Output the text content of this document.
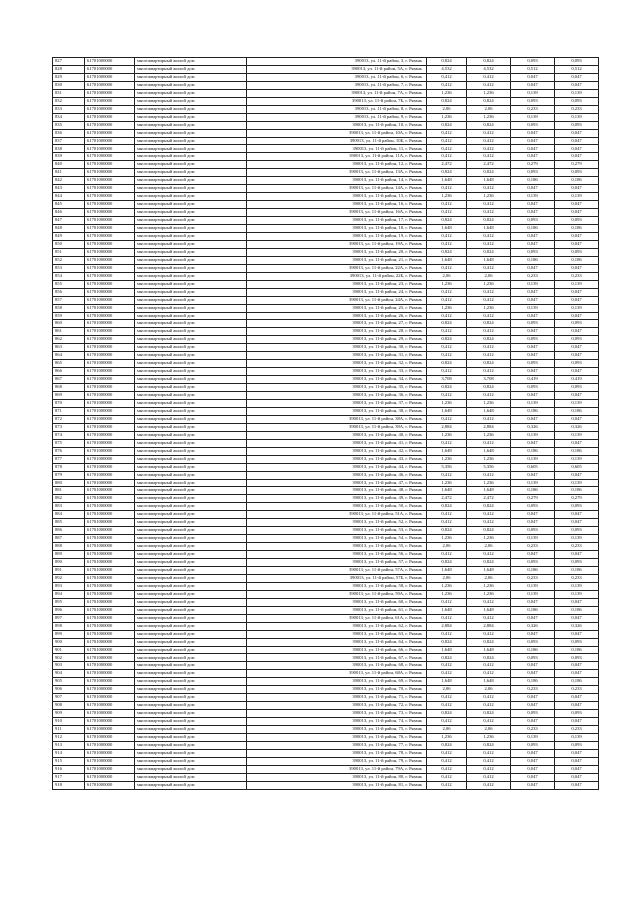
827	61701000000	многоквартирный жилой дом	390013, ул. 11-й район, 3, г. Рязань	0,824	0,824	0,093	0,093
828	61701000000	многоквартирный жилой дом	390013, ул. 11-й район, 5А, г. Рязань	4,532	4,532	0,512	0,512
829	61701000000	многоквартирный жилой дом	390013, ул. 11-й район, 6, г. Рязань	0,412	0,412	0,047	0,047
830	61701000000	многоквартирный жилой дом	390013, ул. 11-й район, 7, г. Рязань	0,412	0,412	0,047	0,047
831	61701000000	многоквартирный жилой дом	390013, ул. 11-й район, 7А, г. Рязань	1,236	1,236	0,139	0,139
832	61701000000	многоквартирный жилой дом	390013, ул. 11-й район, 7Б, г. Рязань	0,824	0,824	0,093	0,093
833	61701000000	многоквартирный жилой дом	390013, ул. 11-й район, 8, г. Рязань	2,06	2,06	0,233	0,233
834	61701000000	многоквартирный жилой дом	390013, ул. 11-й район, 9, г. Рязань	1,236	1,236	0,139	0,139
835	61701000000	многоквартирный жилой дом	390013, ул. 11-й район, 10, г. Рязань	0,824	0,824	0,093	0,093
836	61701000000	многоквартирный жилой дом	390013, ул. 11-й район, 10А, г. Рязань	0,412	0,412	0,047	0,047
837	61701000000	многоквартирный жилой дом	390013, ул. 11-й район, 10Б, г. Рязань	0,412	0,412	0,047	0,047
838	61701000000	многоквартирный жилой дом	390013, ул. 11-й район, 11, г. Рязань	0,412	0,412	0,047	0,047
839	61701000000	многоквартирный жилой дом	390013, ул. 11-й район, 11А, г. Рязань	0,412	0,412	0,047	0,047
840	61701000000	многоквартирный жилой дом	390013, ул. 11-й район, 12, г. Рязань	2,472	2,472	0,279	0,279
841	61701000000	многоквартирный жилой дом	390013, ул. 11-й район, 13А, г. Рязань	0,824	0,824	0,093	0,093
842	61701000000	многоквартирный жилой дом	390013, ул. 11-й район, 14, г. Рязань	1,648	1,648	0,186	0,186
843	61701000000	многоквартирный жилой дом	390013, ул. 11-й район, 14А, г. Рязань	0,412	0,412	0,047	0,047
844	61701000000	многоквартирный жилой дом	390013, ул. 11-й район, 15, г. Рязань	1,236	1,236	0,139	0,139
845	61701000000	многоквартирный жилой дом	390013, ул. 11-й район, 16, г. Рязань	0,412	0,412	0,047	0,047
846	61701000000	многоквартирный жилой дом	390013, ул. 11-й район, 16А, г. Рязань	0,412	0,412	0,047	0,047
847	61701000000	многоквартирный жилой дом	390013, ул. 11-й район, 17, г. Рязань	0,824	0,824	0,093	0,093
848	61701000000	многоквартирный жилой дом	390013, ул. 11-й район, 18, г. Рязань	1,648	1,648	0,186	0,186
849	61701000000	многоквартирный жилой дом	390013, ул. 11-й район, 19, г. Рязань	0,412	0,412	0,047	0,047
850	61701000000	многоквартирный жилой дом	390013, ул. 11-й район, 19А, г. Рязань	0,412	0,412	0,047	0,047
851	61701000000	многоквартирный жилой дом	390013, ул. 11-й район, 20, г. Рязань	0,824	0,824	0,093	0,093
852	61701000000	многоквартирный жилой дом	390013, ул. 11-й район, 21, г. Рязань	1,648	1,648	0,186	0,186
853	61701000000	многоквартирный жилой дом	390013, ул. 11-й район, 22А, г. Рязань	0,412	0,412	0,047	0,047
854	61701000000	многоквартирный жилой дом	390013, ул. 11-й район, 22Б, г. Рязань	2,06	2,06	0,233	0,233
855	61701000000	многоквартирный жилой дом	390013, ул. 11-й район, 23, г. Рязань	1,236	1,236	0,139	0,139
856	61701000000	многоквартирный жилой дом	390013, ул. 11-й район, 24, г. Рязань	0,412	0,412	0,047	0,047
857	61701000000	многоквартирный жилой дом	390013, ул. 11-й район, 24А, г. Рязань	0,412	0,412	0,047	0,047
858	61701000000	многоквартирный жилой дом	390013, ул. 11-й район, 25, г. Рязань	1,236	1,236	0,139	0,139
859	61701000000	многоквартирный жилой дом	390013, ул. 11-й район, 26, г. Рязань	0,412	0,412	0,047	0,047
860	61701000000	многоквартирный жилой дом	390013, ул. 11-й район, 27, г. Рязань	0,824	0,824	0,093	0,093
861	61701000000	многоквартирный жилой дом	390013, ул. 11-й район, 28, г. Рязань	0,412	0,412	0,047	0,047
862	61701000000	многоквартирный жилой дом	390013, ул. 11-й район, 29, г. Рязань	0,824	0,824	0,093	0,093
863	61701000000	многоквартирный жилой дом	390013, ул. 11-й район, 30, г. Рязань	0,412	0,412	0,047	0,047
864	61701000000	многоквартирный жилой дом	390013, ул. 11-й район, 31, г. Рязань	0,412	0,412	0,047	0,047
865	61701000000	многоквартирный жилой дом	390013, ул. 11-й район, 32, г. Рязань	0,824	0,824	0,093	0,093
866	61701000000	многоквартирный жилой дом	390013, ул. 11-й район, 33, г. Рязань	0,412	0,412	0,047	0,047
867	61701000000	многоквартирный жилой дом	390013, ул. 11-й район, 34, г. Рязань	3,708	3,708	0,419	0,419
868	61701000000	многоквартирный жилой дом	390013, ул. 11-й район, 35, г. Рязань	0,824	0,824	0,093	0,093
869	61701000000	многоквартирный жилой дом	390013, ул. 11-й район, 36, г. Рязань	0,412	0,412	0,047	0,047
870	61701000000	многоквартирный жилой дом	390013, ул. 11-й район, 37, г. Рязань	1,236	1,236	0,139	0,139
871	61701000000	многоквартирный жилой дом	390013, ул. 11-й район, 38, г. Рязань	1,648	1,648	0,186	0,186
872	61701000000	многоквартирный жилой дом	390013, ул. 11-й район, 38А, г. Рязань	0,412	0,412	0,047	0,047
873	61701000000	многоквартирный жилой дом	390013, ул. 11-й район, 39А, г. Рязань	2,884	2,884	0,326	0,326
874	61701000000	многоквартирный жилой дом	390013, ул. 11-й район, 40, г. Рязань	1,236	1,236	0,139	0,139
875	61701000000	многоквартирный жилой дом	390013, ул. 11-й район, 41, г. Рязань	0,412	0,412	0,047	0,047
876	61701000000	многоквартирный жилой дом	390013, ул. 11-й район, 42, г. Рязань	1,648	1,648	0,186	0,186
877	61701000000	многоквартирный жилой дом	390013, ул. 11-й район, 43, г. Рязань	1,236	1,236	0,139	0,139
878	61701000000	многоквартирный жилой дом	390013, ул. 11-й район, 44, г. Рязань	5,356	5,356	0,605	0,605
879	61701000000	многоквартирный жилой дом	390013, ул. 11-й район, 46, г. Рязань	0,412	0,412	0,047	0,047
880	61701000000	многоквартирный жилой дом	390013, ул. 11-й район, 47, г. Рязань	1,236	1,236	0,139	0,139
881	61701000000	многоквартирный жилой дом	390013, ул. 11-й район, 48, г. Рязань	1,648	1,648	0,186	0,186
882	61701000000	многоквартирный жилой дом	390013, ул. 11-й район, 49, г. Рязань	2,472	2,472	0,279	0,279
883	61701000000	многоквартирный жилой дом	390013, ул. 11-й район, 50, г. Рязань	0,824	0,824	0,093	0,093
884	61701000000	многоквартирный жилой дом	390013, ул. 11-й район, 51А, г. Рязань	0,412	0,412	0,047	0,047
885	61701000000	многоквартирный жилой дом	390013, ул. 11-й район, 52, г. Рязань	0,412	0,412	0,047	0,047
886	61701000000	многоквартирный жилой дом	390013, ул. 11-й район, 53, г. Рязань	0,824	0,824	0,093	0,093
887	61701000000	многоквартирный жилой дом	390013, ул. 11-й район, 54, г. Рязань	1,236	1,236	0,139	0,139
888	61701000000	многоквартирный жилой дом	390013, ул. 11-й район, 55, г. Рязань	2,06	2,06	0,233	0,233
889	61701000000	многоквартирный жилой дом	390013, ул. 11-й район, 56, г. Рязань	0,412	0,412	0,047	0,047
890	61701000000	многоквартирный жилой дом	390013, ул. 11-й район, 57, г. Рязань	0,824	0,824	0,093	0,093
891	61701000000	многоквартирный жилой дом	390013, ул. 11-й район, 57А, г. Рязань	1,648	1,648	0,186	0,186
892	61701000000	многоквартирный жилой дом	390013, ул. 11-й район, 57Б, г. Рязань	2,06	2,06	0,233	0,233
893	61701000000	многоквартирный жилой дом	390013, ул. 11-й район, 58, г. Рязань	1,236	1,236	0,139	0,139
894	61701000000	многоквартирный жилой дом	390013, ул. 11-й район, 59А, г. Рязань	1,236	1,236	0,139	0,139
895	61701000000	многоквартирный жилой дом	390013, ул. 11-й район, 60, г. Рязань	0,412	0,412	0,047	0,047
896	61701000000	многоквартирный жилой дом	390013, ул. 11-й район, 61, г. Рязань	1,648	1,648	0,186	0,186
897	61701000000	многоквартирный жилой дом	390013, ул. 11-й район, 61А, г. Рязань	0,412	0,412	0,047	0,047
898	61701000000	многоквартирный жилой дом	390013, ул. 11-й район, 62, г. Рязань	2,884	2,884	0,326	0,326
899	61701000000	многоквартирный жилой дом	390013, ул. 11-й район, 63, г. Рязань	0,412	0,412	0,047	0,047
900	61701000000	многоквартирный жилой дом	390013, ул. 11-й район, 64, г. Рязань	0,824	0,824	0,093	0,093
901	61701000000	многоквартирный жилой дом	390013, ул. 11-й район, 66, г. Рязань	1,648	1,648	0,186	0,186
902	61701000000	многоквартирный жилой дом	390013, ул. 11-й район, 67, г. Рязань	0,824	0,824	0,093	0,093
903	61701000000	многоквартирный жилой дом	390013, ул. 11-й район, 68, г. Рязань	0,412	0,412	0,047	0,047
904	61701000000	многоквартирный жилой дом	390013, ул. 11-й район, 68А, г. Рязань	0,412	0,412	0,047	0,047
905	61701000000	многоквартирный жилой дом	390013, ул. 11-й район, 69, г. Рязань	1,648	1,648	0,186	0,186
906	61701000000	многоквартирный жилой дом	390013, ул. 11-й район, 70, г. Рязань	2,06	2,06	0,233	0,233
907	61701000000	многоквартирный жилой дом	390013, ул. 11-й район, 71, г. Рязань	0,412	0,412	0,047	0,047
908	61701000000	многоквартирный жилой дом	390013, ул. 11-й район, 72, г. Рязань	0,412	0,412	0,047	0,047
909	61701000000	многоквартирный жилой дом	390013, ул. 11-й район, 73, г. Рязань	0,824	0,824	0,093	0,093
910	61701000000	многоквартирный жилой дом	390013, ул. 11-й район, 74, г. Рязань	0,412	0,412	0,047	0,047
911	61701000000	многоквартирный жилой дом	390013, ул. 11-й район, 75, г. Рязань	2,06	2,06	0,233	0,233
912	61701000000	многоквартирный жилой дом	390013, ул. 11-й район, 76, г. Рязань	1,236	1,236	0,139	0,139
913	61701000000	многоквартирный жилой дом	390013, ул. 11-й район, 77, г. Рязань	0,824	0,824	0,093	0,093
914	61701000000	многоквартирный жилой дом	390013, ул. 11-й район, 78, г. Рязань	0,412	0,412	0,047	0,047
915	61701000000	многоквартирный жилой дом	390013, ул. 11-й район, 79, г. Рязань	0,412	0,412	0,047	0,047
916	61701000000	многоквартирный жилой дом	390013, ул. 11-й район, 79А, г. Рязань	0,412	0,412	0,047	0,047
917	61701000000	многоквартирный жилой дом	390013, ул. 11-й район, 80, г. Рязань	0,412	0,412	0,047	0,047
918	61701000000	многоквартирный жилой дом	390013, ул. 11-й район, 81, г. Рязань	0,412	0,412	0,047	0,047
